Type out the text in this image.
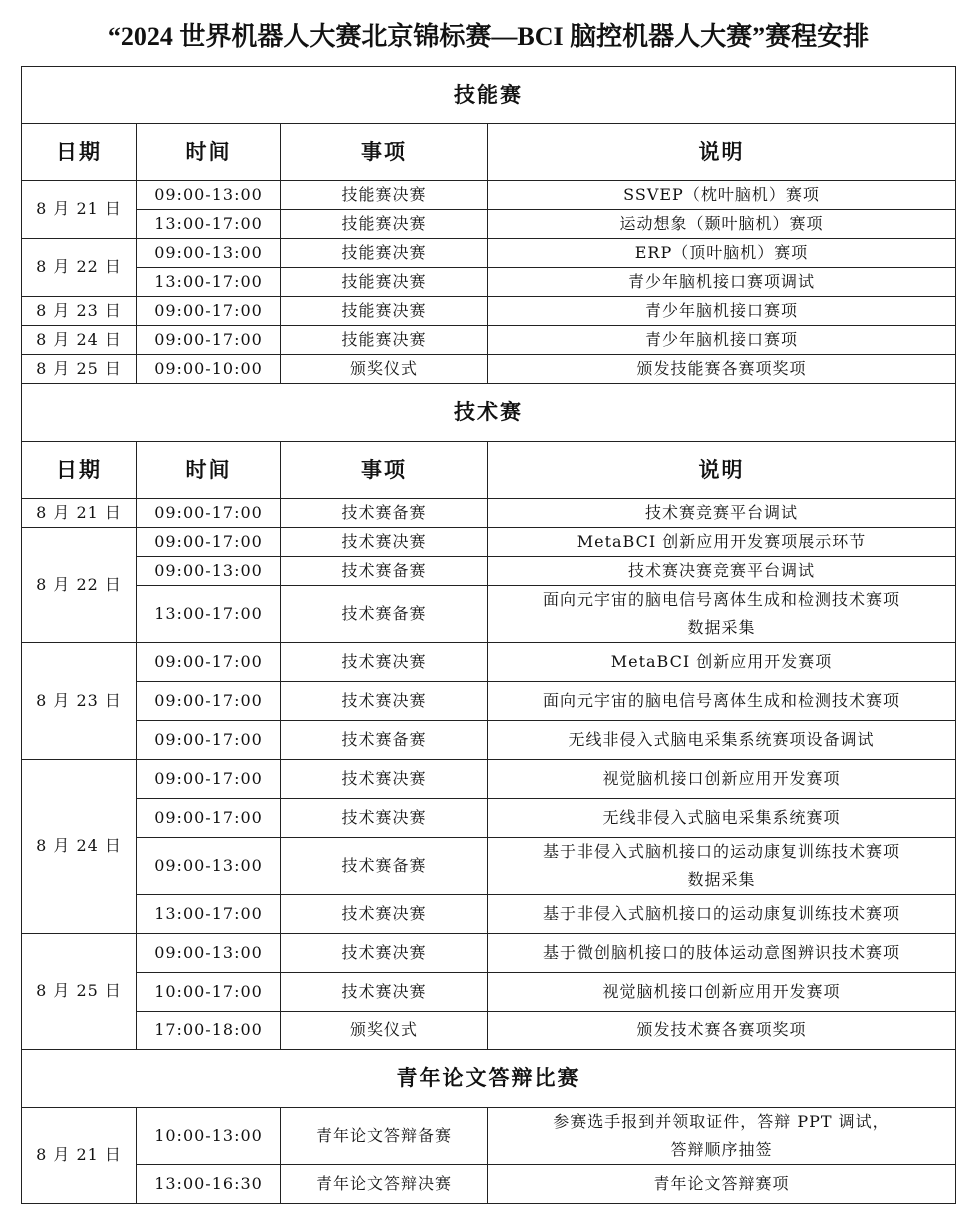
“2024 世界机器人大赛北京锦标赛—BCI 脑控机器人大赛”赛程安排			
技能赛			
日期	时间	事项	说明
8 月 21 日	09:00-13:00	技能赛决赛	SSVEP（枕叶脑机）赛项

	13:00-17:00	技能赛决赛	运动想象（颞叶脑机）赛项

8 月 22 日	09:00-13:00	技能赛决赛	ERP（顶叶脑机）赛项

	13:00-17:00	技能赛决赛	青少年脑机接口赛项调试

8 月 23 日	09:00-17:00	技能赛决赛	青少年脑机接口赛项

8 月 24 日	09:00-17:00	技能赛决赛	青少年脑机接口赛项

8 月 25 日	09:00-10:00	颁奖仪式	颁发技能赛各赛项奖项

技术赛			
日期	时间	事项	说明
8 月 21 日	09:00-17:00	技术赛备赛	技术赛竞赛平台调试

8 月 22 日	09:00-17:00	技术赛决赛	MetaBCI 创新应用开发赛项展示环节

	09:00-13:00	技术赛备赛	技术赛决赛竞赛平台调试

	13:00-17:00	技术赛备赛	面向元宇宙的脑电信号离体生成和检测技术赛项
数据采集

8 月 23 日	09:00-17:00	技术赛决赛	MetaBCI 创新应用开发赛项

	09:00-17:00	技术赛决赛	面向元宇宙的脑电信号离体生成和检测技术赛项

	09:00-17:00	技术赛备赛	无线非侵入式脑电采集系统赛项设备调试

8 月 24 日	09:00-17:00	技术赛决赛	视觉脑机接口创新应用开发赛项

	09:00-17:00	技术赛决赛	无线非侵入式脑电采集系统赛项

	09:00-13:00	技术赛备赛	基于非侵入式脑机接口的运动康复训练技术赛项
数据采集

	13:00-17:00	技术赛决赛	基于非侵入式脑机接口的运动康复训练技术赛项

8 月 25 日	09:00-13:00	技术赛决赛	基于微创脑机接口的肢体运动意图辨识技术赛项

	10:00-17:00	技术赛决赛	视觉脑机接口创新应用开发赛项

	17:00-18:00	颁奖仪式	颁发技术赛各赛项奖项

青年论文答辩比赛			
8 月 21 日	10:00-13:00	青年论文答辩备赛	参赛选手报到并领取证件，答辩 PPT 调试，
答辩顺序抽签

	13:00-16:30	青年论文答辩决赛	青年论文答辩赛项
